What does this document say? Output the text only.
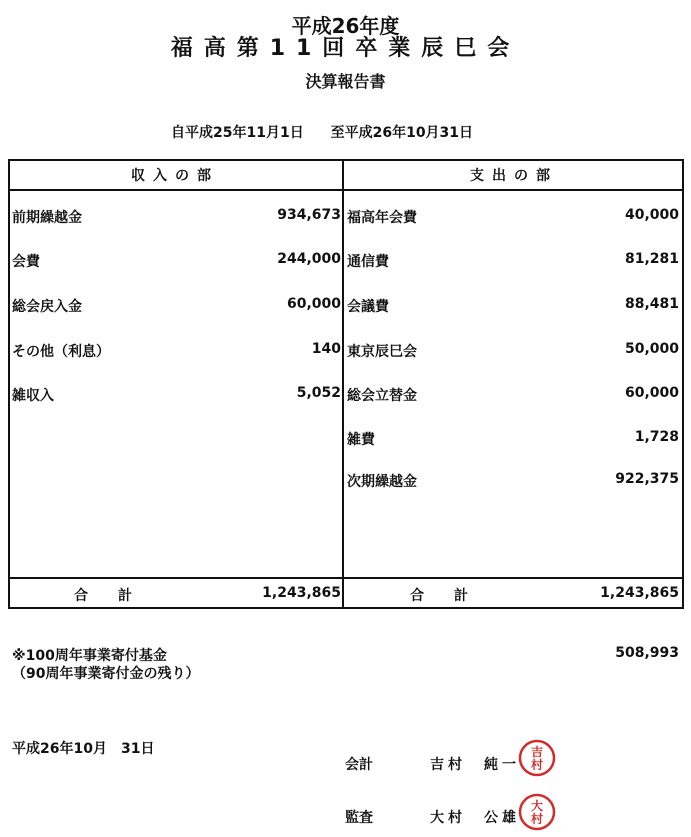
平成26年度
福高第11回卒業辰巳会
決算報告書
自平成25年11月1日 至平成26年10月31日
収入の部	支出の部
前期繰越金	934,673
会費	244,000
総会戻入金	60,000
その他（利息）	140
雑収入	5,052
福高年会費	40,000
通信費	81,281
会議費	88,481
東京辰巳会	50,000
総会立替金	60,000
雑費	1,728
次期繰越金	922,375
合計	1,243,865	合計	1,243,865
※100周年事業寄付基金
（90周年事業寄付金の残り）
508,993
平成26年10月　31日
会計	吉村　純一
吉
村
監査	大村　公雄
大
村
